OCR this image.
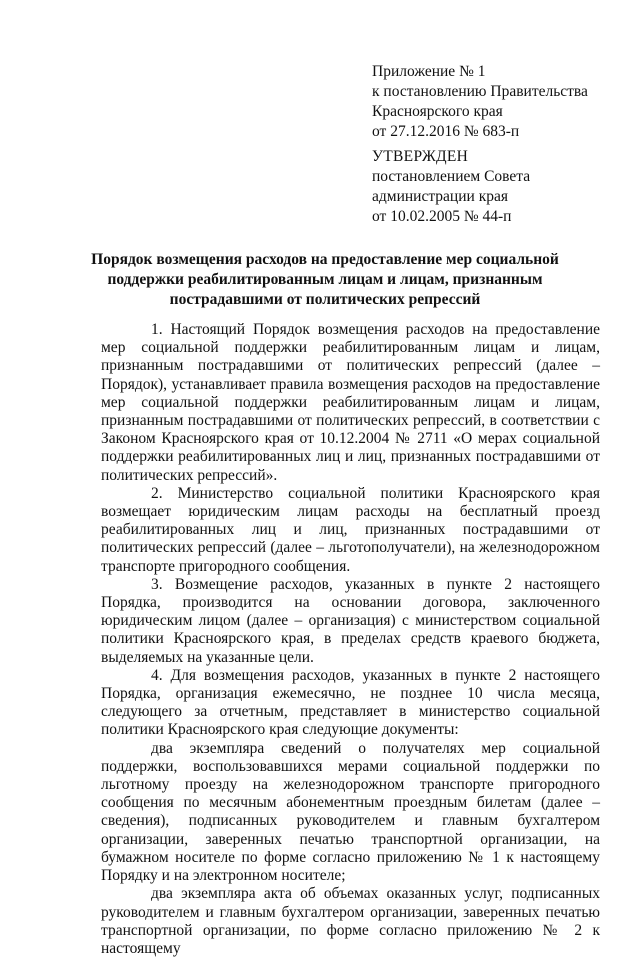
Приложение № 1
к постановлению Правительства
Красноярского края
от 27.12.2016 № 683-п
УТВЕРЖДЕН
постановлением Совета
администрации края
от 10.02.2005 № 44-п
Порядок возмещения расходов на предоставление мер социальной
поддержки реабилитированным лицам и лицам, признанным
пострадавшими от политических репрессий

1. Настоящий Порядок возмещения расходов на предоставление мер социальной поддержки реабилитированным лицам и лицам, признанным пострадавшими от политических репрессий (далее – Порядок), устанавливает правила возмещения расходов на предоставление мер социальной поддержки реабилитированным лицам и лицам, признанным пострадавшими от политических репрессий, в соответствии с Законом Красноярского края от 10.12.2004 № 2711 «О мерах социальной поддержки реабилитированных лиц и лиц, признанных пострадавшими от политических репрессий».

2. Министерство социальной политики Красноярского края возмещает юридическим лицам расходы на бесплатный проезд реабилитированных лиц и лиц, признанных пострадавшими от политических репрессий (далее – льготополучатели), на железнодорожном транспорте пригородного сообщения.

3. Возмещение расходов, указанных в пункте 2 настоящего Порядка, производится на основании договора, заключенного юридическим лицом (далее – организация) с министерством социальной политики Красноярского края, в пределах средств краевого бюджета, выделяемых на указанные цели.

4. Для возмещения расходов, указанных в пункте 2 настоящего Порядка, организация ежемесячно, не позднее 10 числа месяца, следующего за отчетным, представляет в министерство социальной политики Красноярского края следующие документы:

два экземпляра сведений о получателях мер социальной поддержки, воспользовавшихся мерами социальной поддержки по льготному проезду на железнодорожном транспорте пригородного сообщения по месячным абонементным проездным билетам (далее – сведения), подписанных руководителем и главным бухгалтером организации, заверенных печатью транспортной организации, на бумажном носителе по форме согласно приложению № 1 к настоящему Порядку и на электронном носителе;

два экземпляра акта об объемах оказанных услуг, подписанных руководителем и главным бухгалтером организации, заверенных печатью транспортной организации, по форме согласно приложению № 2 к настоящему
